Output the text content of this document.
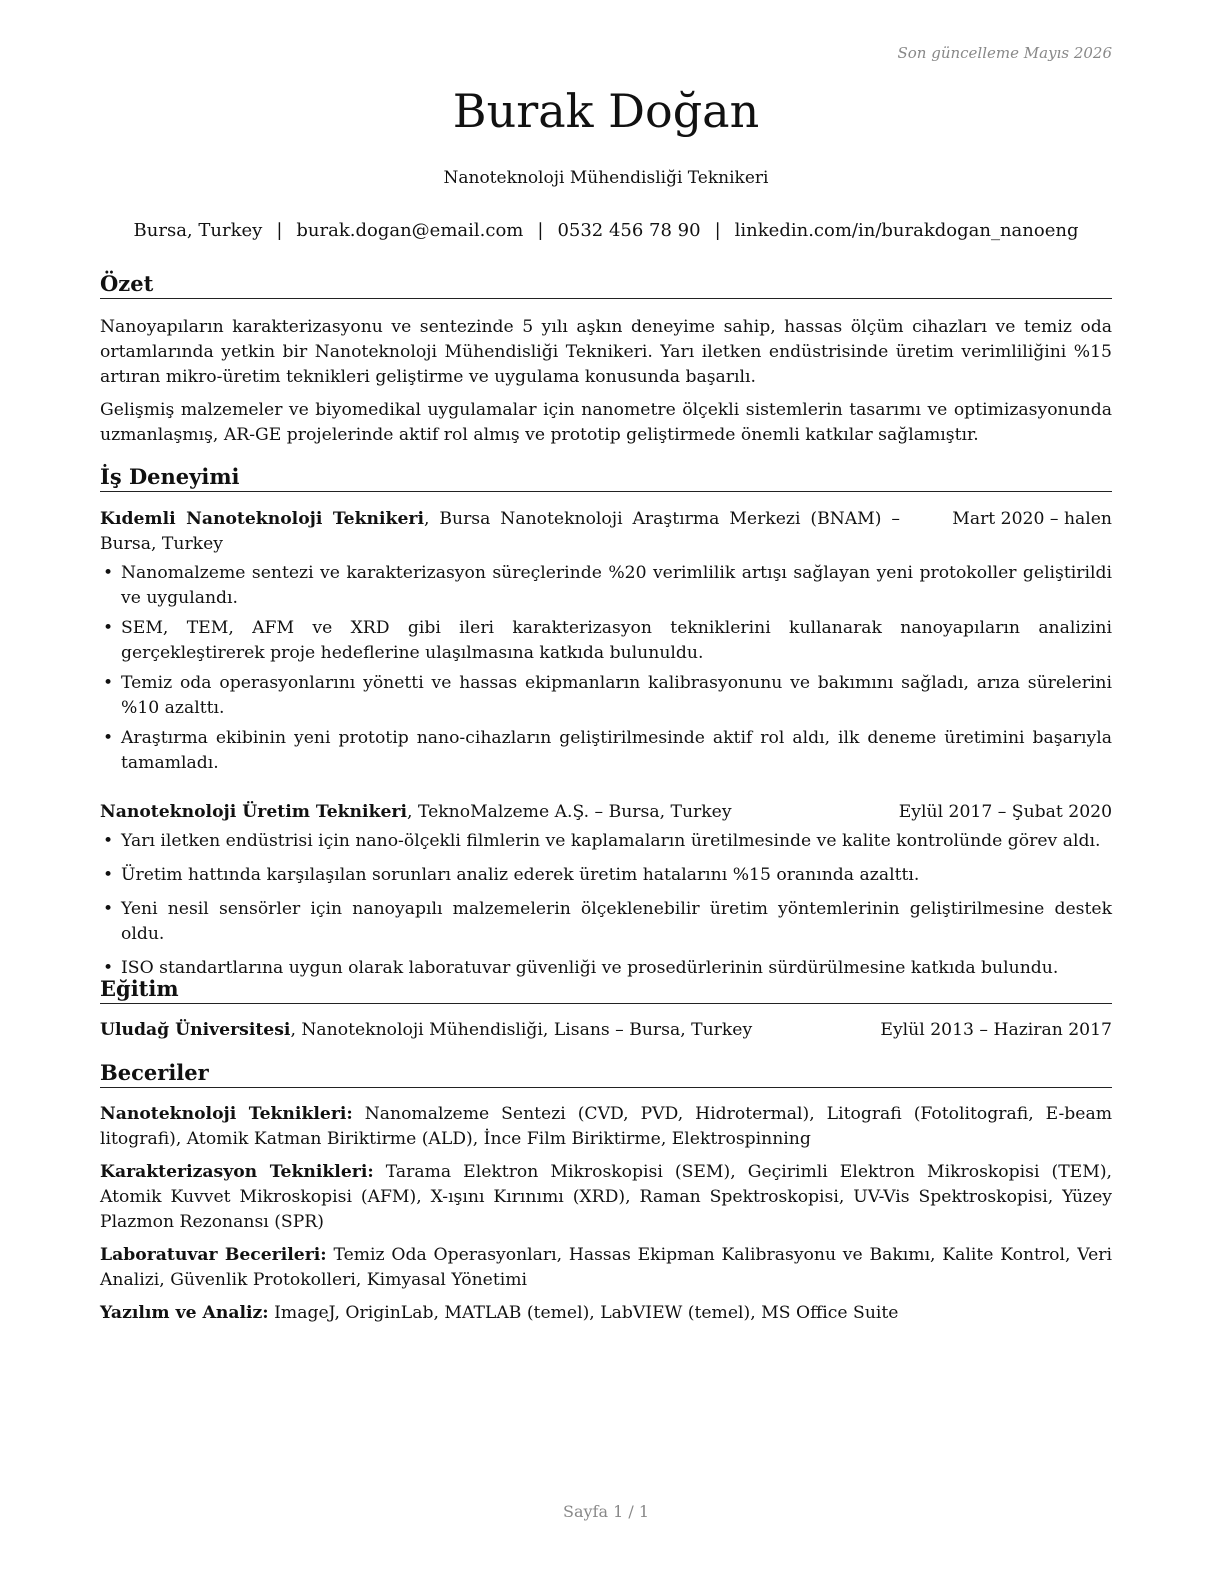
Son güncelleme Mayıs 2026
Burak Doğan
Nanoteknoloji Mühendisliği Teknikeri
Bursa, Turkey | burak.dogan@email.com | 0532 456 78 90 | linkedin.com/in/burakdogan_nanoeng
Özet

Nanoyapıların karakterizasyonu ve sentezinde 5 yılı aşkın deneyime sahip, hassas ölçüm cihazları ve temiz oda ortamlarında yetkin bir Nanoteknoloji Mühendisliği Teknikeri. Yarı iletken endüstrisinde üretim verimliliğini %15 artıran mikro-üretim teknikleri geliştirme ve uygulama konusunda başarılı.

Gelişmiş malzemeler ve biyomedikal uygulamalar için nanometre ölçekli sistemlerin tasarımı ve optimizasyonunda uzmanlaşmış, AR-GE projelerinde aktif rol almış ve prototip geliştirmede önemli katkılar sağlamıştır.

İş Deneyimi
Kıdemli Nanoteknoloji Teknikeri, Bursa Nanoteknoloji Araştırma Merkezi (BNAM) – Bursa, Turkey
Mart 2020 – halen
• Nanomalzeme sentezi ve karakterizasyon süreçlerinde %20 verimlilik artışı sağlayan yeni protokoller geliştirildi ve uygulandı.
• SEM, TEM, AFM ve XRD gibi ileri karakterizasyon tekniklerini kullanarak nanoyapıların analizini gerçekleştirerek proje hedeflerine ulaşılmasına katkıda bulunuldu.
• Temiz oda operasyonlarını yönetti ve hassas ekipmanların kalibrasyonunu ve bakımını sağladı, arıza sürelerini %10 azalttı.
• Araştırma ekibinin yeni prototip nano-cihazların geliştirilmesinde aktif rol aldı, ilk deneme üretimini başarıyla tamamladı.
Nanoteknoloji Üretim Teknikeri, TeknoMalzeme A.Ş. – Bursa, Turkey	Eylül 2017 – Şubat 2020
• Yarı iletken endüstrisi için nano-ölçekli filmlerin ve kaplamaların üretilmesinde ve kalite kontrolünde görev aldı.
• Üretim hattında karşılaşılan sorunları analiz ederek üretim hatalarını %15 oranında azalttı.
• Yeni nesil sensörler için nanoyapılı malzemelerin ölçeklenebilir üretim yöntemlerinin geliştirilmesine destek oldu.
• ISO standartlarına uygun olarak laboratuvar güvenliği ve prosedürlerinin sürdürülmesine katkıda bulundu.
Eğitim
Uludağ Üniversitesi, Nanoteknoloji Mühendisliği, Lisans – Bursa, Turkey	Eylül 2013 – Haziran 2017
Beceriler
Nanoteknoloji Teknikleri: Nanomalzeme Sentezi (CVD, PVD, Hidrotermal), Litografi (Fotolitografi, E-beam litografi), Atomik Katman Biriktirme (ALD), İnce Film Biriktirme, Elektrospinning
Karakterizasyon Teknikleri: Tarama Elektron Mikroskopisi (SEM), Geçirimli Elektron Mikroskopisi (TEM), Atomik Kuvvet Mikroskopisi (AFM), X-ışını Kırınımı (XRD), Raman Spektroskopisi, UV-Vis Spektroskopisi, Yüzey Plazmon Rezonansı (SPR)
Laboratuvar Becerileri: Temiz Oda Operasyonları, Hassas Ekipman Kalibrasyonu ve Bakımı, Kalite Kontrol, Veri Analizi, Güvenlik Protokolleri, Kimyasal Yönetimi
Yazılım ve Analiz: ImageJ, OriginLab, MATLAB (temel), LabVIEW (temel), MS Office Suite
Sayfa 1 / 1
